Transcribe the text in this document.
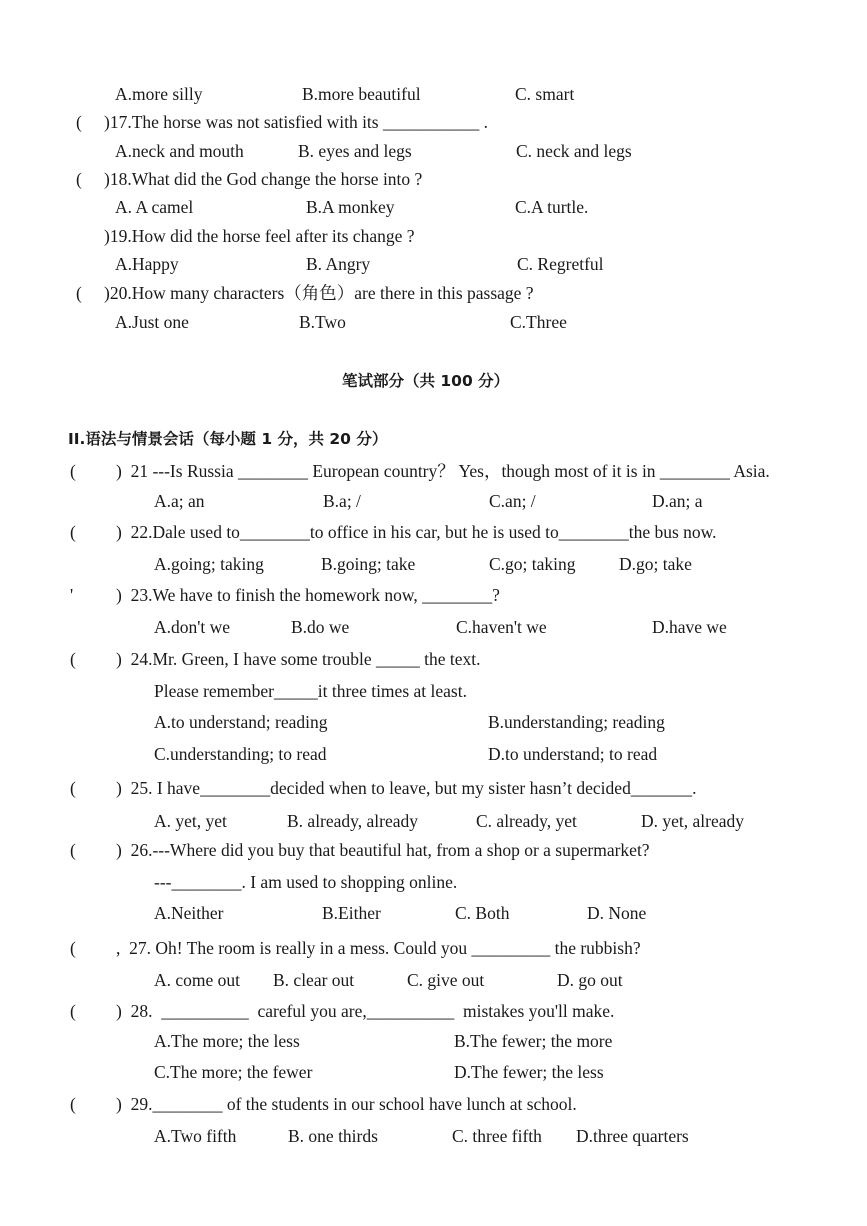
A.more silly	B.more beautiful	C. smart
( )17.The horse was not satisfied with its ___________ .
A.neck and mouth	B. eyes and legs	C. neck and legs
( )18.What did the God change the horse into ?
A. A camel	B.A monkey	C.A turtle.
)19.How did the horse feel after its change ?
A.Happy	B. Angry	C. Regretful
( )20.How many characters（角色）are there in this passage ?
A.Just one	B.Two	C.Three
笔试部分（共 100 分）
II.语法与情景会话（每小题 1 分，共 20 分）
( )  21 ---Is Russia ________ European country？ Yes，though most of it is in ________ Asia.
A.a; an	B.a; /	C.an; /	D.an; a
( )  22.Dale used to________to office in his car, but he is used to________the bus now.
A.going; taking	B.going; take	C.go; taking D.go; take
' )  23.We have to finish the homework now, ________?
A.don't we	B.do we	C.haven't we	D.have we
( )  24.Mr. Green, I have some trouble _____ the text.
Please remember_____it three times at least.
A.to understand; reading	B.understanding; reading
C.understanding; to read	D.to understand; to read
( )  25. I have________decided when to leave, but my sister hasn’t decided_______.
A. yet, yet	B. already, already	C. already, yet	D. yet, already
( )  26.---Where did you buy that beautiful hat, from a shop or a supermarket?
---________. I am used to shopping online.
A.Neither	B.Either	C. Both	D. None
( ,  27. Oh! The room is really in a mess. Could you _________ the rubbish?
A. come out B. clear out	C. give out	D. go out
( )  28.  __________  careful you are,__________  mistakes you'll make.
A.The more; the less	B.The fewer; the more
C.The more; the fewer	D.The fewer; the less
( )  29.________ of the students in our school have lunch at school.
A.Two fifth	B. one thirds	C. three fifth D.three quarters
